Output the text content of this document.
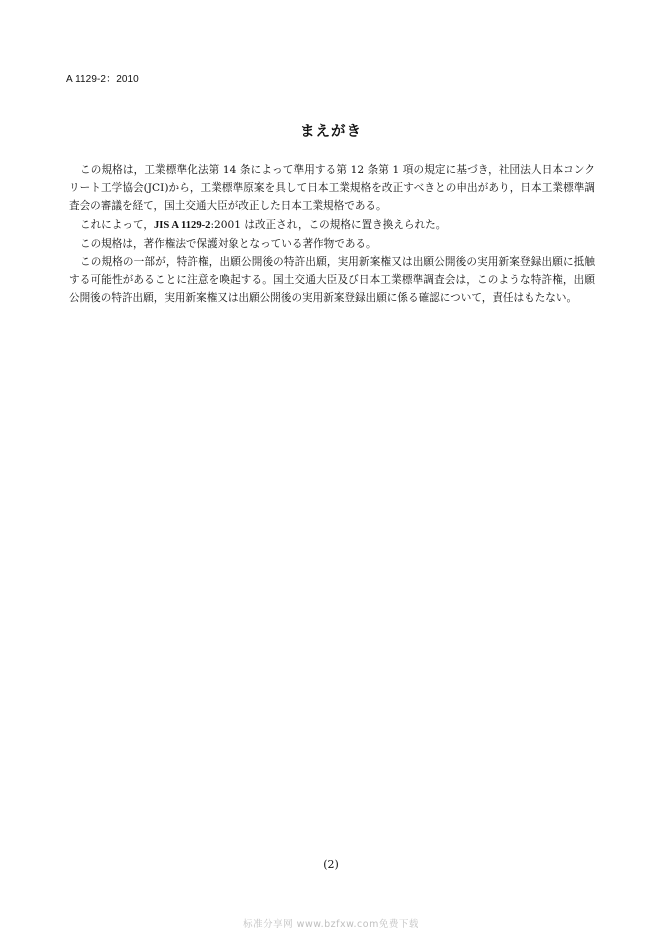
A 1129-2：2010
まえがき

この規格は，工業標準化法第 14 条によって準用する第 12 条第 1 項の規定に基づき，社団法人日本コンクリート工学協会(JCI)から，工業標準原案を具して日本工業規格を改正すべきとの申出があり，日本工業標準調査会の審議を経て，国土交通大臣が改正した日本工業規格である。

これによって，JIS A 1129-2:2001 は改正され，この規格に置き換えられた。

この規格は，著作権法で保護対象となっている著作物である。

この規格の一部が，特許権，出願公開後の特許出願，実用新案権又は出願公開後の実用新案登録出願に抵触する可能性があることに注意を喚起する。国土交通大臣及び日本工業標準調査会は，このような特許権，出願公開後の特許出願，実用新案権又は出願公開後の実用新案登録出願に係る確認について，責任はもたない。

(2)
标准分享网 www.bzfxw.com免费下载
